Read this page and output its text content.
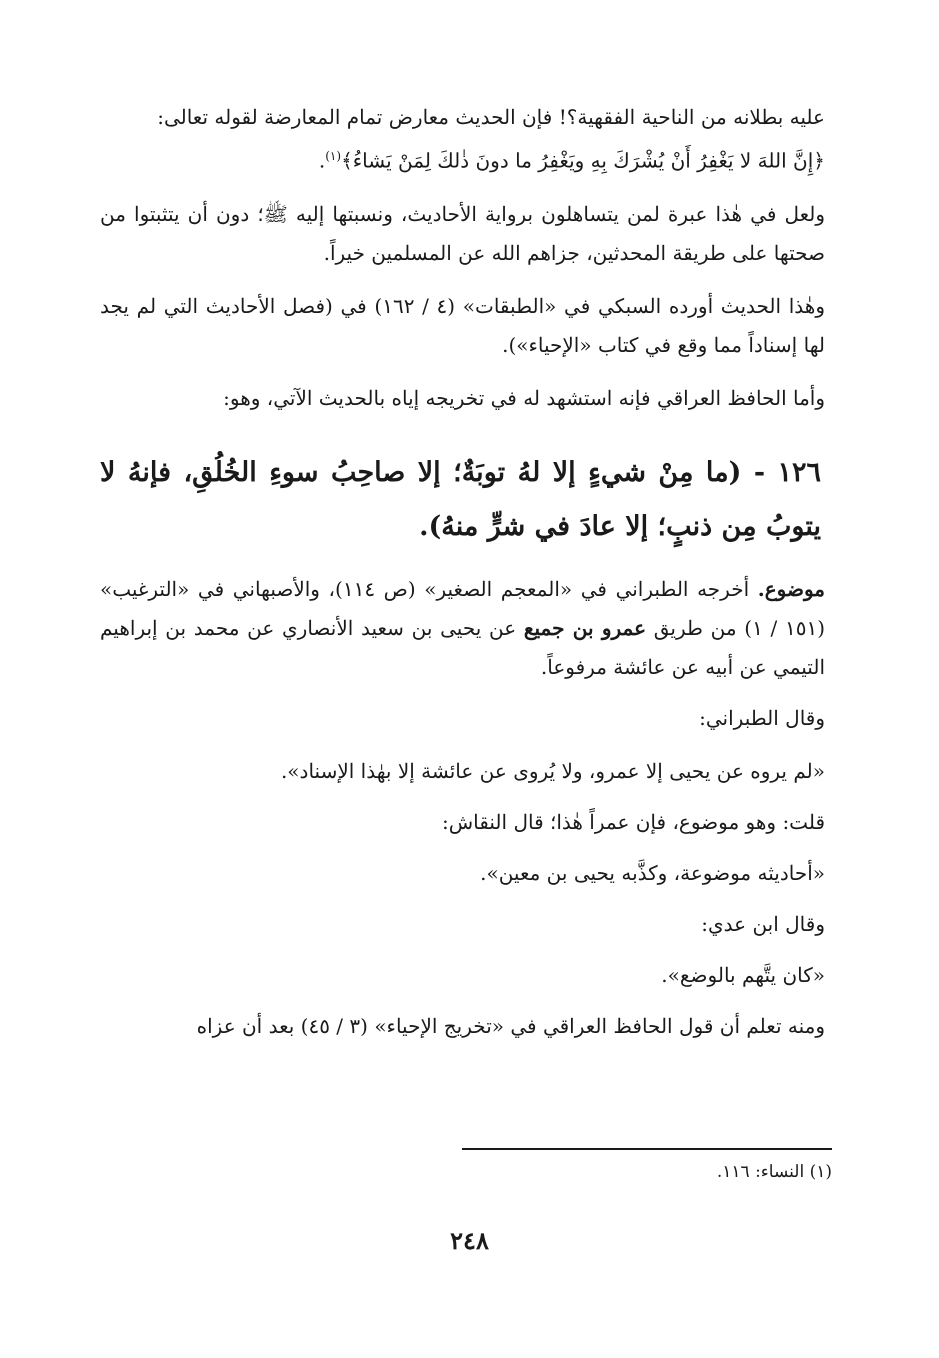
عليه بطلانه من الناحية الفقهية؟! فإن الحديث معارض تمام المعارضة لقوله تعالى:
﴿إِنَّ اللهَ لا يَغْفِرُ أَنْ يُشْرَكَ بِهِ ويَغْفِرُ ما دونَ ذٰلكَ لِمَنْ يَشاءُ﴾$^{(١)}$.

ولعل في هٰذا عبرة لمن يتساهلون برواية الأحاديث، ونسبتها إليه ﷺ؛ دون أن يتثبتوا من صحتها على طريقة المحدثين، جزاهم الله عن المسلمين خيراً.

وهٰذا الحديث أورده السبكي في «الطبقات» (٤ / ١٦٢) في (فصل الأحاديث التي لم يجد لها إسناداً مما وقع في كتاب «الإحياء»).

وأما الحافظ العراقي فإنه استشهد له في تخريجه إياه بالحديث الآتي، وهو:

١٢٦ - (ما مِنْ شيءٍ إلا لهُ توبَةٌ؛ إلا صاحِبُ سوءِ الخُلُقِ، فإنهُ لا يتوبُ مِن ذنبٍ؛ إلا عادَ في شرٍّ منهُ).

موضوع. أخرجه الطبراني في «المعجم الصغير» (ص ١١٤)، والأصبهاني في «الترغيب» (١٥١ / ١) من طريق عمرو بن جميع عن يحيى بن سعيد الأنصاري عن محمد بن إبراهيم التيمي عن أبيه عن عائشة مرفوعاً.

وقال الطبراني:

«لم يروه عن يحيى إلا عمرو، ولا يُروى عن عائشة إلا بهٰذا الإسناد».

قلت: وهو موضوع، فإن عمراً هٰذا؛ قال النقاش:

«أحاديثه موضوعة، وكذَّبه يحيى بن معين».

وقال ابن عدي:

«كان يتَّهم بالوضع».

ومنه تعلم أن قول الحافظ العراقي في «تخريج الإحياء» (٣ / ٤٥) بعد أن عزاه

(١) النساء: ١١٦.
٢٤٨
